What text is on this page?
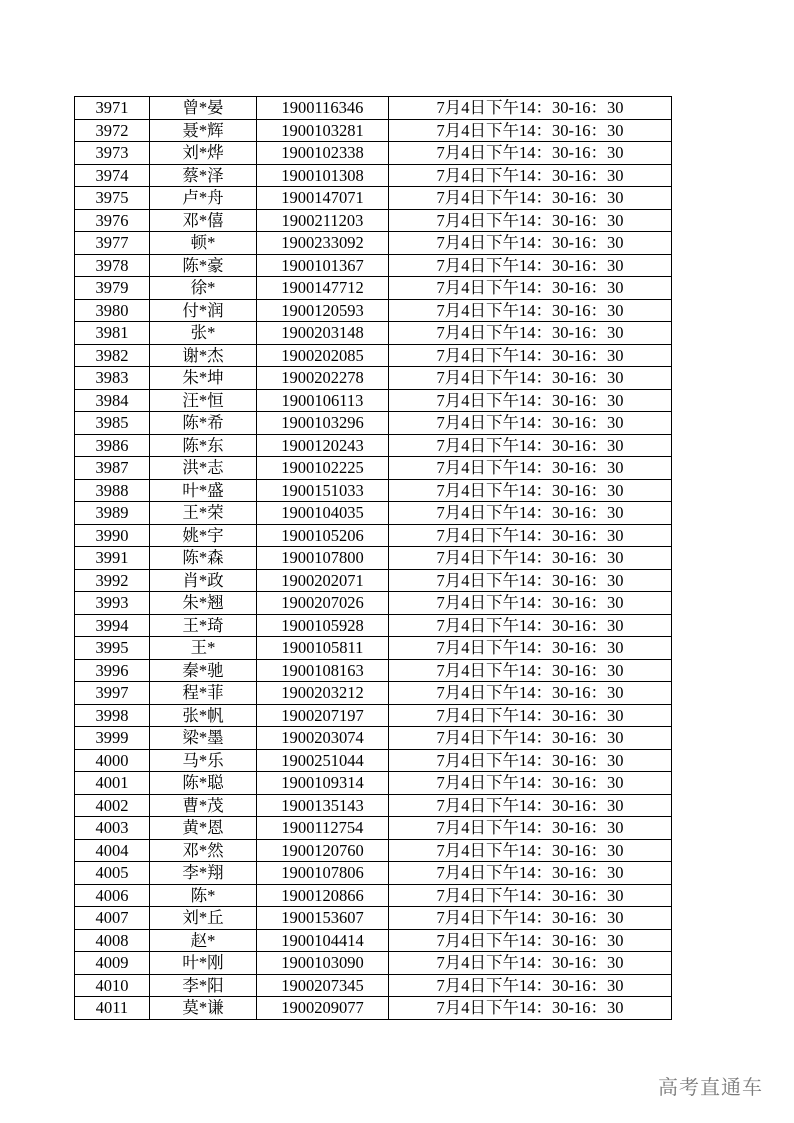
3971	曾*晏	1900116346	7月4日下午14：30-16：30
3972	聂*辉	1900103281	7月4日下午14：30-16：30
3973	刘*烨	1900102338	7月4日下午14：30-16：30
3974	蔡*泽	1900101308	7月4日下午14：30-16：30
3975	卢*舟	1900147071	7月4日下午14：30-16：30
3976	邓*僖	1900211203	7月4日下午14：30-16：30
3977	顿*	1900233092	7月4日下午14：30-16：30
3978	陈*豪	1900101367	7月4日下午14：30-16：30
3979	徐*	1900147712	7月4日下午14：30-16：30
3980	付*润	1900120593	7月4日下午14：30-16：30
3981	张*	1900203148	7月4日下午14：30-16：30
3982	谢*杰	1900202085	7月4日下午14：30-16：30
3983	朱*坤	1900202278	7月4日下午14：30-16：30
3984	汪*恒	1900106113	7月4日下午14：30-16：30
3985	陈*希	1900103296	7月4日下午14：30-16：30
3986	陈*东	1900120243	7月4日下午14：30-16：30
3987	洪*志	1900102225	7月4日下午14：30-16：30
3988	叶*盛	1900151033	7月4日下午14：30-16：30
3989	王*荣	1900104035	7月4日下午14：30-16：30
3990	姚*宇	1900105206	7月4日下午14：30-16：30
3991	陈*森	1900107800	7月4日下午14：30-16：30
3992	肖*政	1900202071	7月4日下午14：30-16：30
3993	朱*翘	1900207026	7月4日下午14：30-16：30
3994	王*琦	1900105928	7月4日下午14：30-16：30
3995	王*	1900105811	7月4日下午14：30-16：30
3996	秦*驰	1900108163	7月4日下午14：30-16：30
3997	程*菲	1900203212	7月4日下午14：30-16：30
3998	张*帆	1900207197	7月4日下午14：30-16：30
3999	梁*墨	1900203074	7月4日下午14：30-16：30
4000	马*乐	1900251044	7月4日下午14：30-16：30
4001	陈*聪	1900109314	7月4日下午14：30-16：30
4002	曹*茂	1900135143	7月4日下午14：30-16：30
4003	黄*恩	1900112754	7月4日下午14：30-16：30
4004	邓*然	1900120760	7月4日下午14：30-16：30
4005	李*翔	1900107806	7月4日下午14：30-16：30
4006	陈*	1900120866	7月4日下午14：30-16：30
4007	刘*丘	1900153607	7月4日下午14：30-16：30
4008	赵*	1900104414	7月4日下午14：30-16：30
4009	叶*刚	1900103090	7月4日下午14：30-16：30
4010	李*阳	1900207345	7月4日下午14：30-16：30
4011	莫*谦	1900209077	7月4日下午14：30-16：30
高考直通车
